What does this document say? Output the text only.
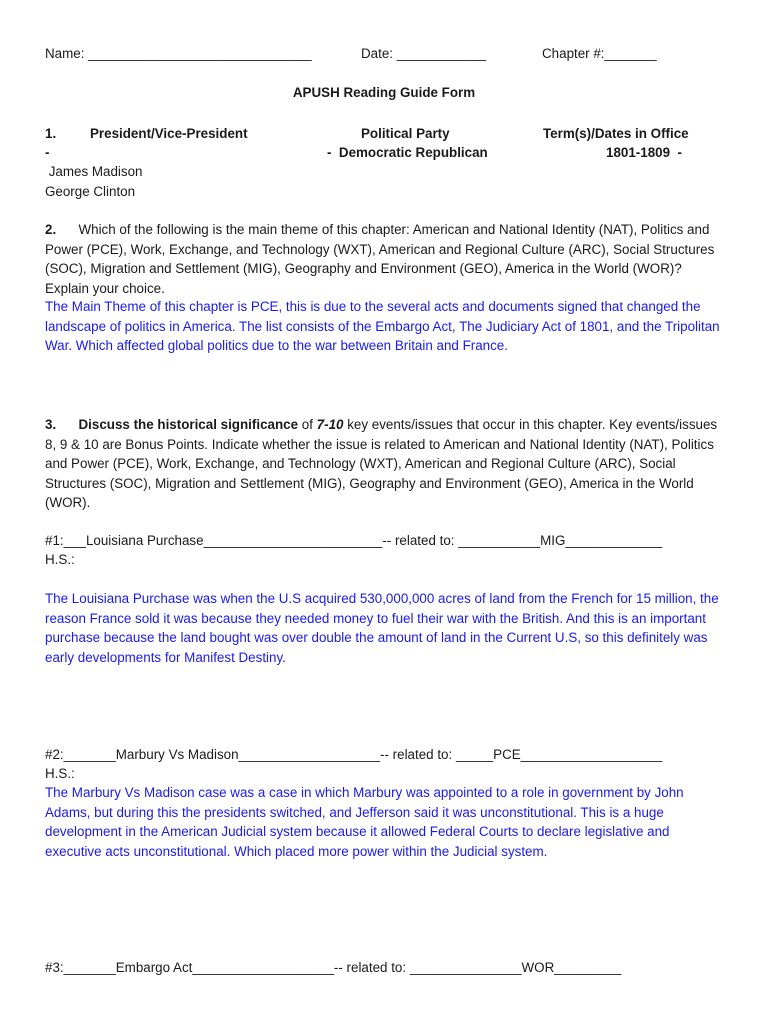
Name: ______________________________	Date: ____________	Chapter #:_______
APUSH Reading Guide Form
1.	President/Vice-President	Political Party	Term(s)/Dates in Office
-	-  Democratic Republican	1801-1809  -
James Madison
George Clinton
2. Which of the following is the main theme of this chapter: American and National Identity (NAT), Politics and Power (PCE), Work, Exchange, and Technology (WXT), American and Regional Culture (ARC), Social Structures (SOC), Migration and Settlement (MIG), Geography and Environment (GEO), America in the World (WOR)? Explain your choice.
The Main Theme of this chapter is PCE, this is due to the several acts and documents signed that changed the landscape of politics in America. The list consists of the Embargo Act, The Judiciary Act of 1801, and the Tripolitan War. Which affected global politics due to the war between Britain and France.
3. Discuss the historical significance of 7-10 key events/issues that occur in this chapter. Key events/issues 8, 9 & 10 are Bonus Points. Indicate whether the issue is related to American and National Identity (NAT), Politics and Power (PCE), Work, Exchange, and Technology (WXT), American and Regional Culture (ARC), Social Structures (SOC), Migration and Settlement (MIG), Geography and Environment (GEO), America in the World (WOR).
#1:___Louisiana Purchase________________________-- related to: ___________MIG_____________
H.S.:
The Louisiana Purchase was when the U.S acquired 530,000,000 acres of land from the French for 15 million, the reason France sold it was because they needed money to fuel their war with the British. And this is an important purchase because the land bought was over double the amount of land in the Current U.S, so this definitely was early developments for Manifest Destiny.
#2:_______Marbury Vs Madison___________________-- related to: _____PCE___________________
H.S.:
The Marbury Vs Madison case was a case in which Marbury was appointed to a role in government by John Adams, but during this the presidents switched, and Jefferson said it was unconstitutional. This is a huge development in the American Judicial system because it allowed Federal Courts to declare legislative and executive acts unconstitutional. Which placed more power within the Judicial system.
#3:_______Embargo Act___________________-- related to: _______________WOR_________
